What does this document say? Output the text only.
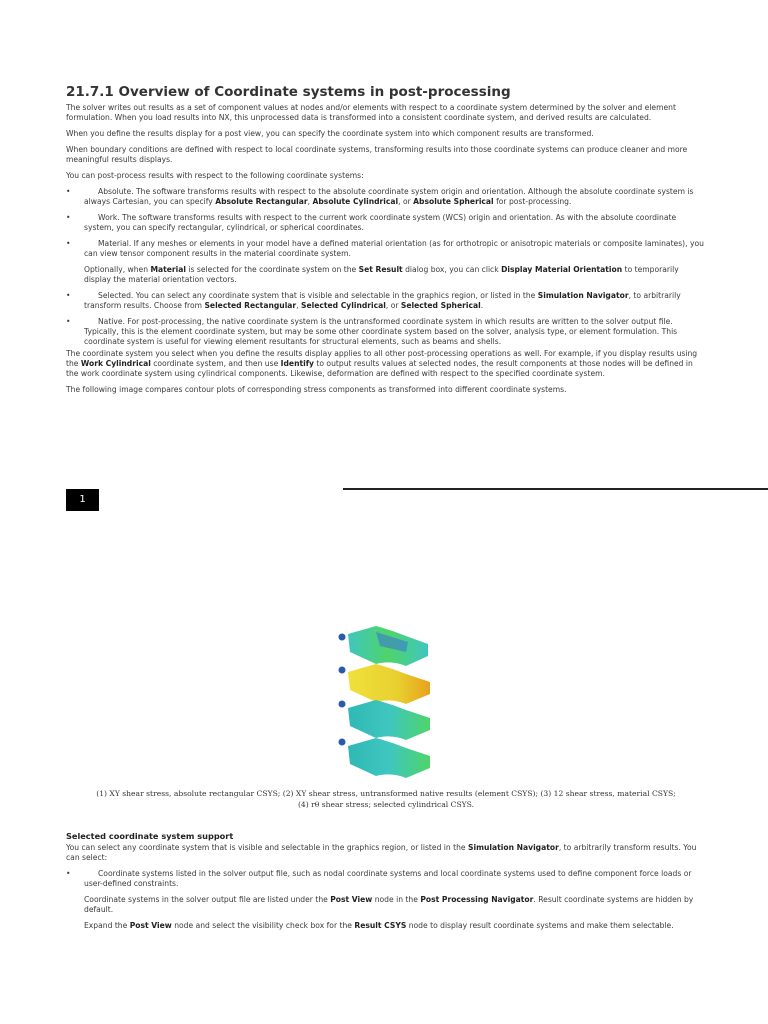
21.7.1 Overview of Coordinate systems in post-processing

The solver writes out results as a set of component values at nodes and/or elements with respect to a coordinate system determined by the solver and element formulation. When you load results into NX, this unprocessed data is transformed into a consistent coordinate system, and derived results are calculated.

When you define the results display for a post view, you can specify the coordinate system into which component results are transformed.

When boundary conditions are defined with respect to local coordinate systems, transforming results into those coordinate systems can produce cleaner and more meaningful results displays.

You can post-process results with respect to the following coordinate systems:

•	Absolute. The software transforms results with respect to the absolute coordinate system origin and orientation. Although the absolute coordinate system is always Cartesian, you can specify Absolute Rectangular, Absolute Cylindrical, or Absolute Spherical for post-processing.
•	Work. The software transforms results with respect to the current work coordinate system (WCS) origin and orientation. As with the absolute coordinate system, you can specify rectangular, cylindrical, or spherical coordinates.
•	Material. If any meshes or elements in your model have a defined material orientation (as for orthotropic or anisotropic materials or composite laminates), you can view tensor component results in the material coordinate system.

Optionally, when Material is selected for the coordinate system on the Set Result dialog box, you can click Display Material Orientation to temporarily display the material orientation vectors.

•	Selected. You can select any coordinate system that is visible and selectable in the graphics region, or listed in the Simulation Navigator, to arbitrarily transform results. Choose from Selected Rectangular, Selected Cylindrical, or Selected Spherical.
•	Native. For post-processing, the native coordinate system is the untransformed coordinate system in which results are written to the solver output file. Typically, this is the element coordinate system, but may be some other coordinate system based on the solver, analysis type, or element formulation. This coordinate system is useful for viewing element resultants for structural elements, such as beams and shells.

The coordinate system you select when you define the results display applies to all other post-processing operations as well. For example, if you display results using the Work Cylindrical coordinate system, and then use Identify to output results values at selected nodes, the result components at those nodes will be defined in the work coordinate system using cylindrical components. Likewise, deformation are defined with respect to the specified coordinate system.

The following image compares contour plots of corresponding stress components as transformed into different coordinate systems.

1

(1) XY shear stress, absolute rectangular CSYS; (2) XY shear stress, untransformed native results (element CSYS); (3) 12 shear stress, material CSYS;
(4) rθ shear stress; selected cylindrical CSYS.

Selected coordinate system support

You can select any coordinate system that is visible and selectable in the graphics region, or listed in the Simulation Navigator, to arbitrarily transform results. You can select:

•	Coordinate systems listed in the solver output file, such as nodal coordinate systems and local coordinate systems used to define component force loads or user-defined constraints.

Coordinate systems in the solver output file are listed under the Post View node in the Post Processing Navigator. Result coordinate systems are hidden by default.

Expand the Post View node and select the visibility check box for the Result CSYS node to display result coordinate systems and make them selectable.
